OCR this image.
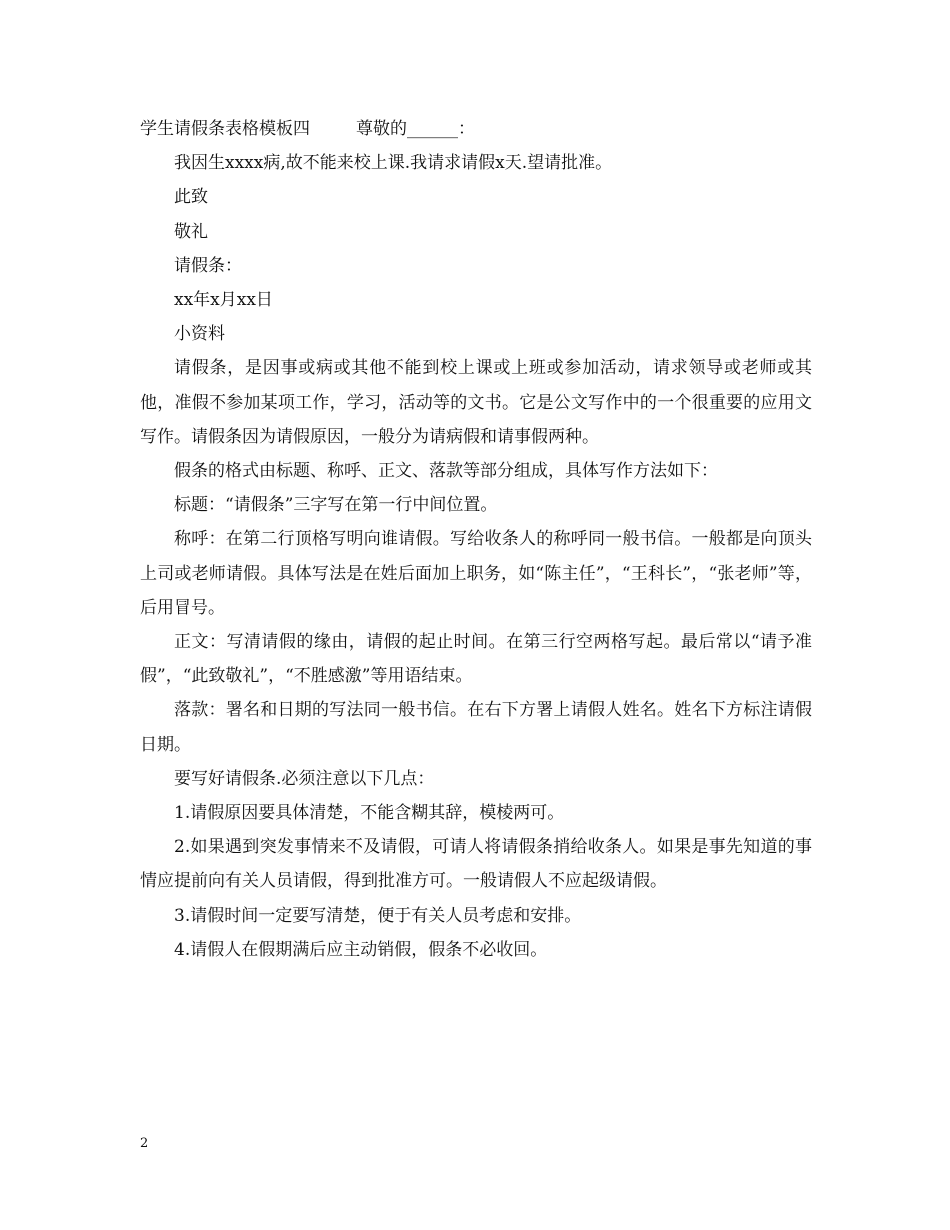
学生请假条表格模板四	尊敬的______：

我因生xxxx病,故不能来校上课.我请求请假x天.望请批准。

此致

敬礼

请假条：

xx年x月xx日

小资料

请假条，是因事或病或其他不能到校上课或上班或参加活动，请求领导或老师或其他，准假不参加某项工作，学习，活动等的文书。它是公文写作中的一个很重要的应用文写作。请假条因为请假原因，一般分为请病假和请事假两种。

假条的格式由标题、称呼、正文、落款等部分组成，具体写作方法如下：

标题：“请假条”三字写在第一行中间位置。

称呼：在第二行顶格写明向谁请假。写给收条人的称呼同一般书信。一般都是向顶头上司或老师请假。具体写法是在姓后面加上职务，如“陈主任”，“王科长”，“张老师”等，后用冒号。

正文：写清请假的缘由，请假的起止时间。在第三行空两格写起。最后常以“请予准假”，“此致敬礼”，“不胜感激”等用语结束。

落款：署名和日期的写法同一般书信。在右下方署上请假人姓名。姓名下方标注请假日期。

要写好请假条.必须注意以下几点：

1.请假原因要具体清楚，不能含糊其辞，模棱两可。

2.如果遇到突发事情来不及请假，可请人将请假条捎给收条人。如果是事先知道的事情应提前向有关人员请假，得到批准方可。一般请假人不应起级请假。

3.请假时间一定要写清楚，便于有关人员考虑和安排。

4.请假人在假期满后应主动销假，假条不必收回。

2
